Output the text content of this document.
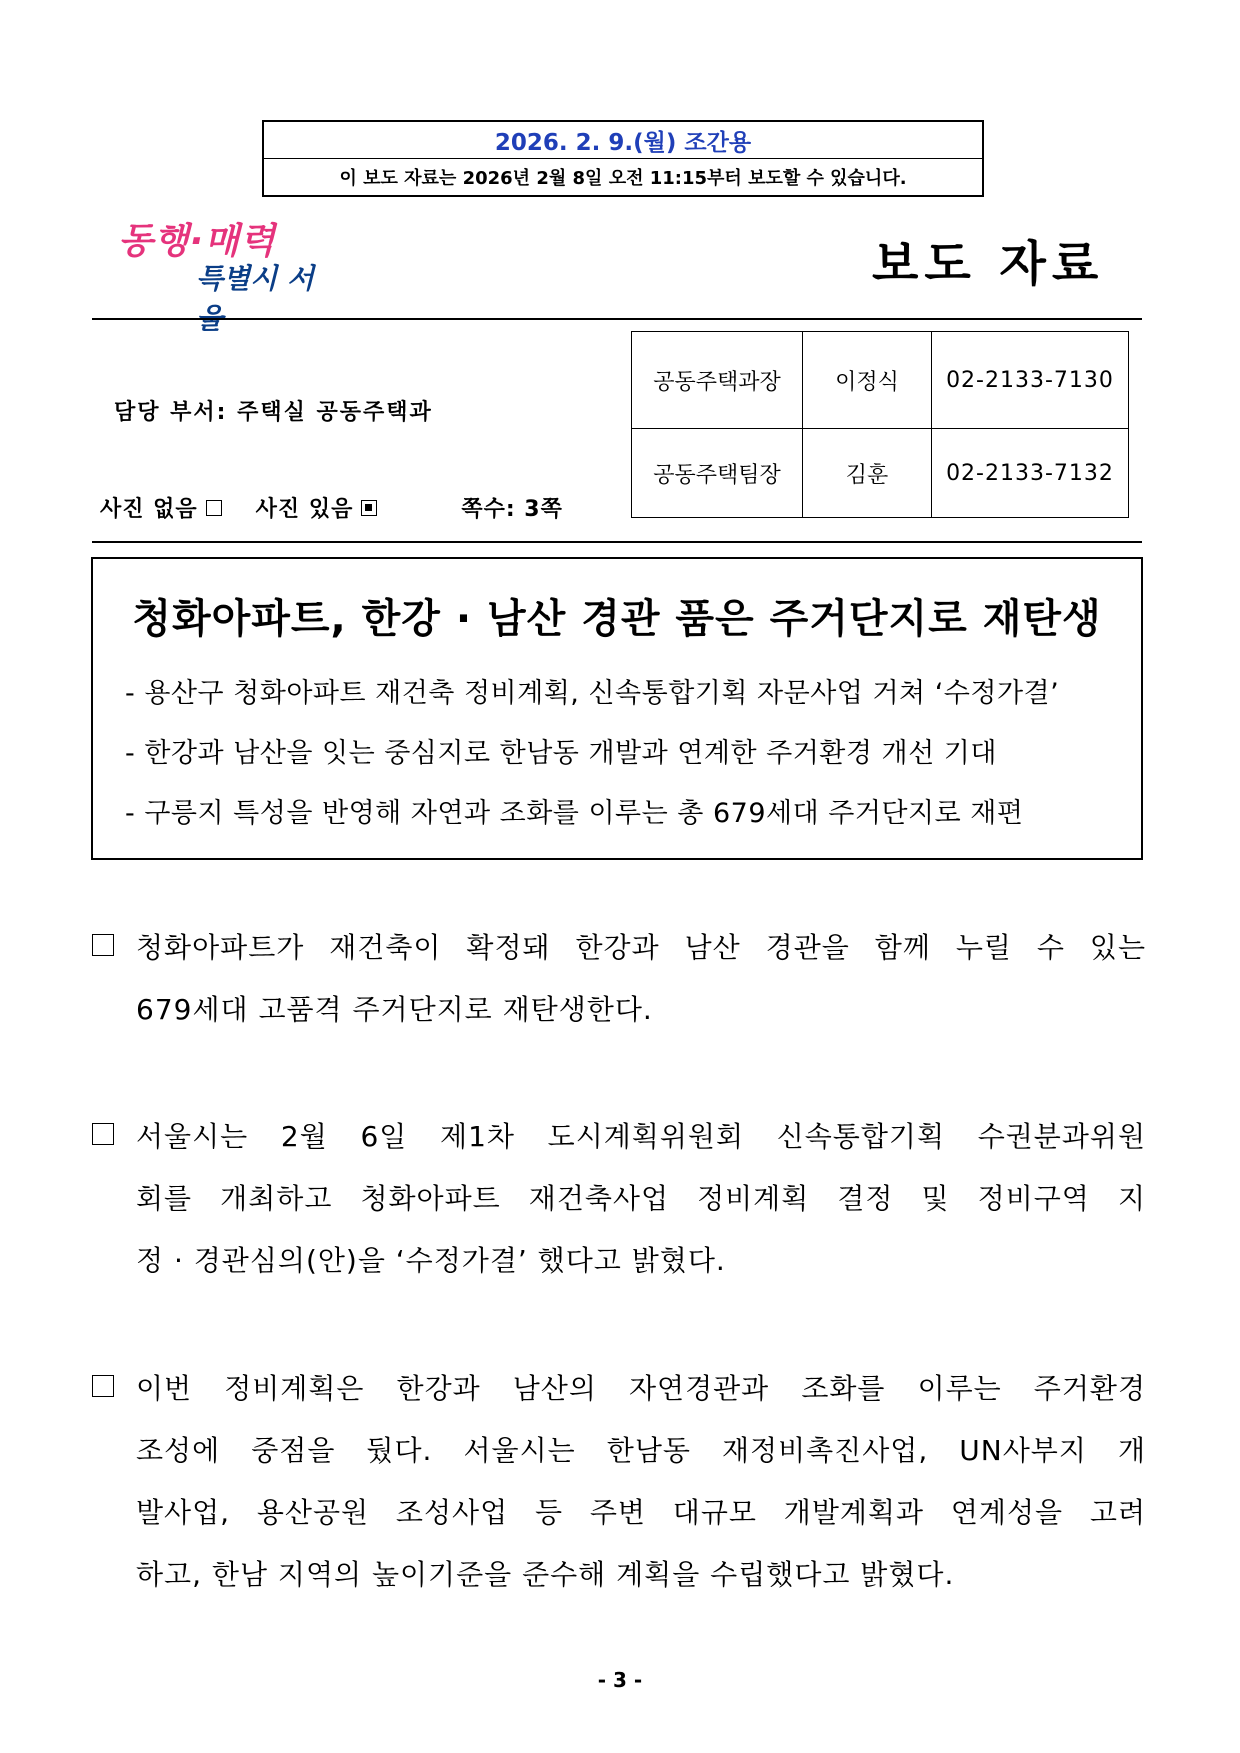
2026. 2. 9.(월) 조간용
이 보도 자료는 2026년 2월 8일 오전 11:15부터 보도할 수 있습니다.
동행·매력
특별시 서울
보도 자료
담당 부서: 주택실 공동주택과
사진 없음	사진 있음	쪽수: 3쪽
공동주택과장	이정식	02-2133-7130
공동주택팀장	김훈	02-2133-7132
청화아파트, 한강 · 남산 경관 품은 주거단지로 재탄생
- 용산구 청화아파트 재건축 정비계획, 신속통합기획 자문사업 거쳐 ‘수정가결’
- 한강과 남산을 잇는 중심지로 한남동 개발과 연계한 주거환경 개선 기대
- 구릉지 특성을 반영해 자연과 조화를 이루는 총 679세대 주거단지로 재편
청화아파트가 재건축이 확정돼 한강과 남산 경관을 함께 누릴 수 있는
679세대 고품격 주거단지로 재탄생한다.
서울시는 2월 6일 제1차 도시계획위원회 신속통합기획 수권분과위원
회를 개최하고 청화아파트 재건축사업 정비계획 결정 및 정비구역 지
정 · 경관심의(안)을 ‘수정가결’ 했다고 밝혔다.
이번 정비계획은 한강과 남산의 자연경관과 조화를 이루는 주거환경
조성에 중점을 뒀다. 서울시는 한남동 재정비촉진사업, UN사부지 개
발사업, 용산공원 조성사업 등 주변 대규모 개발계획과 연계성을 고려
하고, 한남 지역의 높이기준을 준수해 계획을 수립했다고 밝혔다.
- 3 -
